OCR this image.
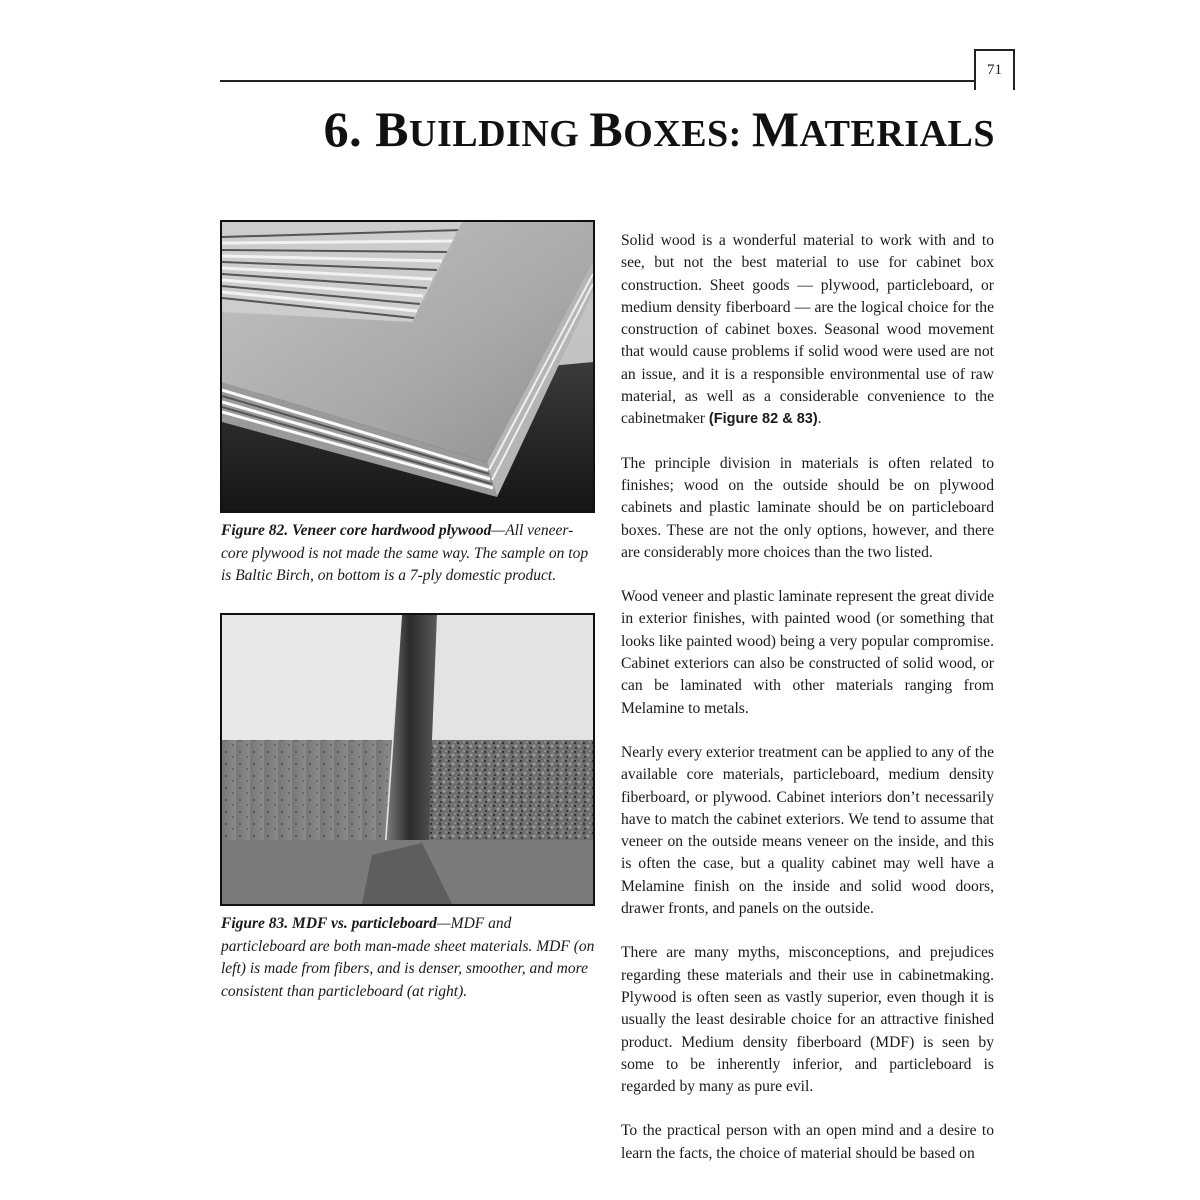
71
6. BUILDING BOXES: MATERIALS
Figure 82. Veneer core hardwood plywood—All veneer-core plywood is not made the same way. The sample on top is Baltic Birch, on bottom is a 7-ply domestic product.
Figure 83. MDF vs. particleboard—MDF and particleboard are both man-made sheet materials. MDF (on left) is made from fibers, and is denser, smoother, and more consistent than particleboard (at right).

Solid wood is a wonderful material to work with and to see, but not the best material to use for cabinet box construction. Sheet goods — plywood, particleboard, or medium density fiberboard — are the logical choice for the construction of cabinet boxes. Seasonal wood movement that would cause problems if solid wood were used are not an issue, and it is a responsible environmental use of raw material, as well as a considerable convenience to the cabinetmaker (Figure 82 & 83).

The principle division in materials is often related to finishes; wood on the outside should be on plywood cabinets and plastic laminate should be on particleboard boxes. These are not the only options, however, and there are considerably more choices than the two listed.

Wood veneer and plastic laminate represent the great divide in exterior finishes, with painted wood (or something that looks like painted wood) being a very popular compromise. Cabinet exteriors can also be constructed of solid wood, or can be laminated with other materials ranging from Melamine to metals.

Nearly every exterior treatment can be applied to any of the available core materials, particleboard, medium density fiberboard, or plywood. Cabinet interiors don’t necessarily have to match the cabinet exteriors. We tend to assume that veneer on the outside means veneer on the inside, and this is often the case, but a quality cabinet may well have a Melamine finish on the inside and solid wood doors, drawer fronts, and panels on the outside.

There are many myths, misconceptions, and prejudices regarding these materials and their use in cabinetmaking. Plywood is often seen as vastly superior, even though it is usually the least desirable choice for an attractive finished product. Medium density fiberboard (MDF) is seen by some to be inherently inferior, and particleboard is regarded by many as pure evil.

To the practical person with an open mind and a desire to learn the facts, the choice of material should be based on
